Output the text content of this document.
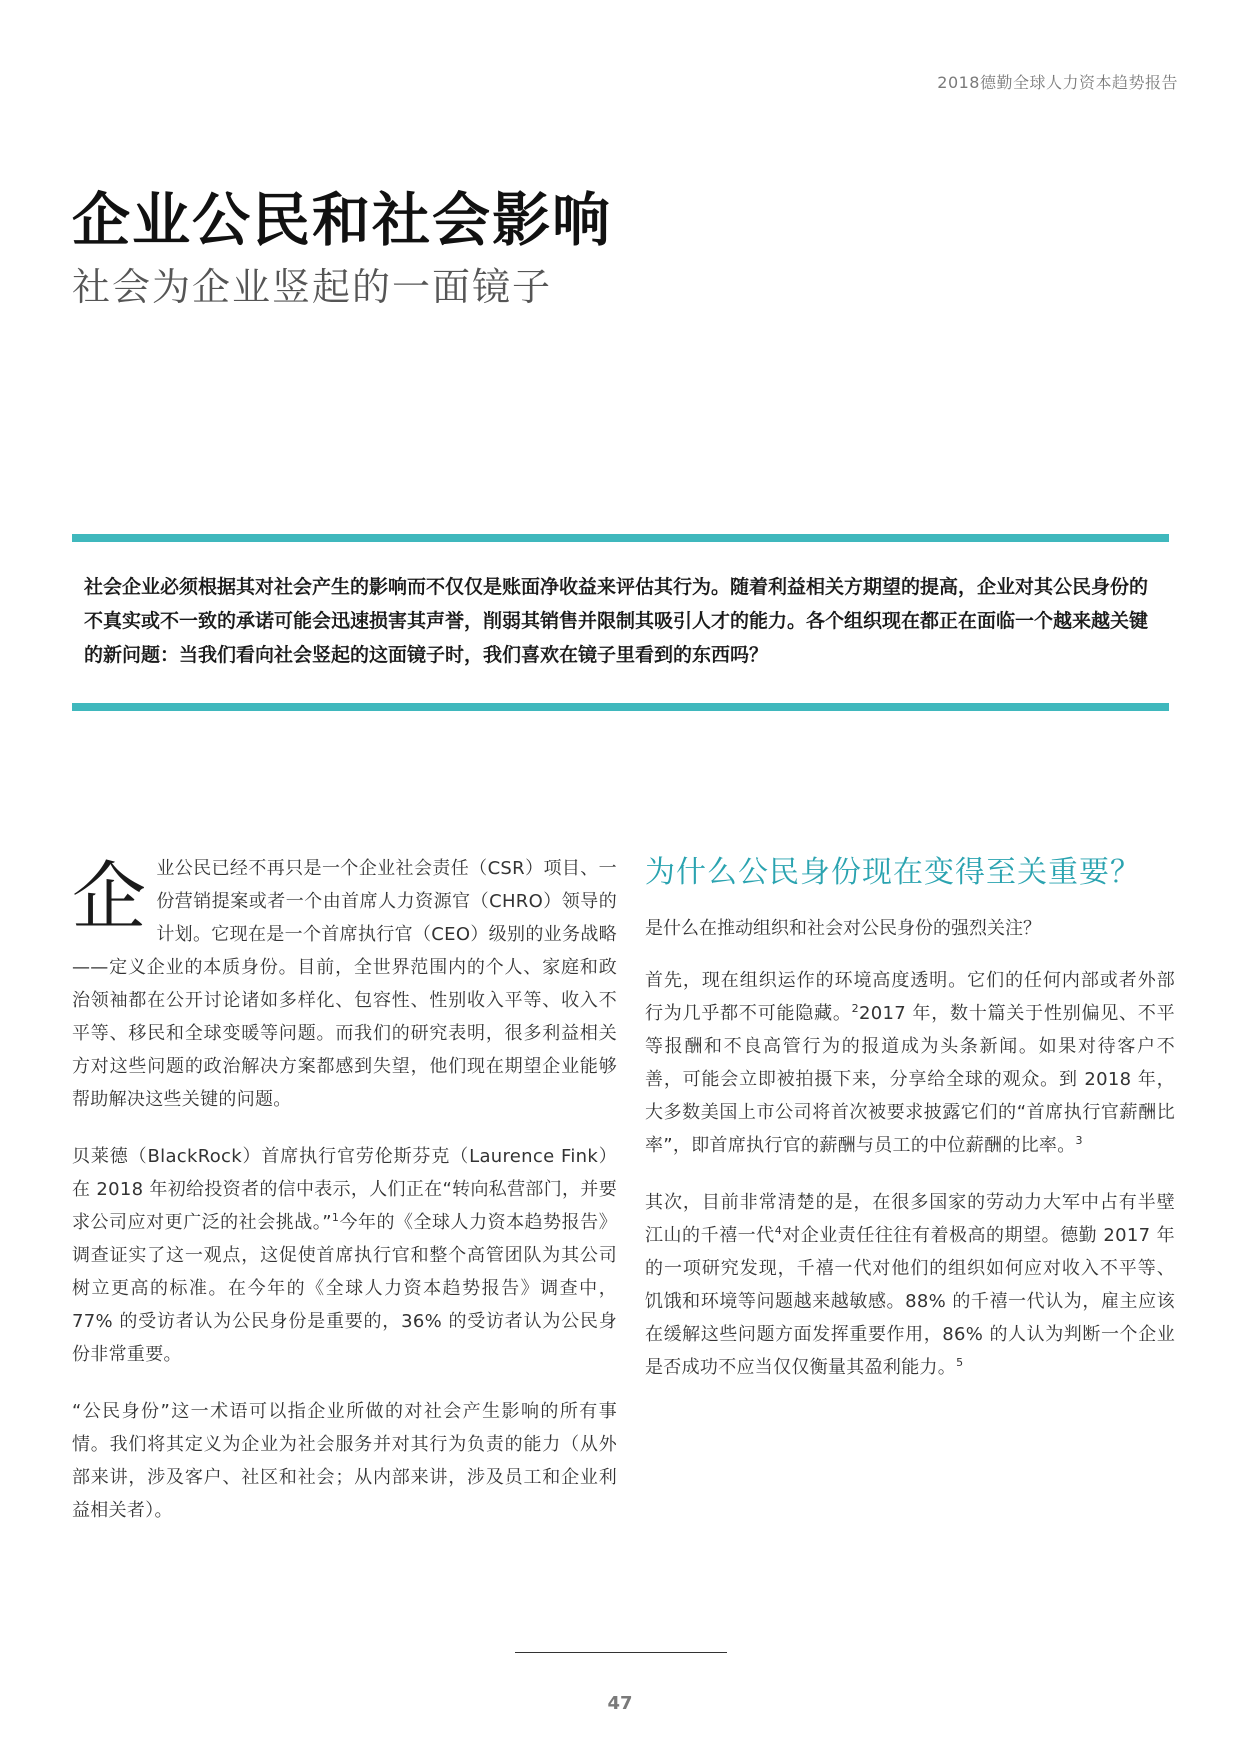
2018德勤全球人力资本趋势报告
企业公民和社会影响
社会为企业竖起的一面镜子

社会企业必须根据其对社会产生的影响而不仅仅是账面净收益来评估其行为。随着利益相关方期望的提高，企业对其公民身份的不真实或不一致的承诺可能会迅速损害其声誉，削弱其销售并限制其吸引人才的能力。各个组织现在都正在面临一个越来越关键的新问题：当我们看向社会竖起的这面镜子时，我们喜欢在镜子里看到的东西吗？

企业公民已经不再只是一个企业社会责任（CSR）项目、一份营销提案或者一个由首席人力资源官（CHRO）领导的计划。它现在是一个首席执行官（CEO）级别的业务战略——定义企业的本质身份。目前，全世界范围内的个人、家庭和政治领袖都在公开讨论诸如多样化、包容性、性别收入平等、收入不平等、移民和全球变暖等问题。而我们的研究表明，很多利益相关方对这些问题的政治解决方案都感到失望，他们现在期望企业能够帮助解决这些关键的问题。

贝莱德（BlackRock）首席执行官劳伦斯芬克（Laurence Fink）在 2018 年初给投资者的信中表示，人们正在“转向私营部门，并要求公司应对更广泛的社会挑战。”$^1$今年的《全球人力资本趋势报告》调查证实了这一观点，这促使首席执行官和整个高管团队为其公司树立更高的标准。在今年的《全球人力资本趋势报告》调查中，77% 的受访者认为公民身份是重要的，36% 的受访者认为公民身份非常重要。

“公民身份”这一术语可以指企业所做的对社会产生影响的所有事情。我们将其定义为企业为社会服务并对其行为负责的能力（从外部来讲，涉及客户、社区和社会；从内部来讲，涉及员工和企业利益相关者）。

为什么公民身份现在变得至关重要？

是什么在推动组织和社会对公民身份的强烈关注？

首先，现在组织运作的环境高度透明。它们的任何内部或者外部行为几乎都不可能隐藏。$^2$2017 年，数十篇关于性别偏见、不平等报酬和不良高管行为的报道成为头条新闻。如果对待客户不善，可能会立即被拍摄下来，分享给全球的观众。到 2018 年，大多数美国上市公司将首次被要求披露它们的“首席执行官薪酬比率”，即首席执行官的薪酬与员工的中位薪酬的比率。$^3$

其次，目前非常清楚的是，在很多国家的劳动力大军中占有半壁江山的千禧一代$^4$对企业责任往往有着极高的期望。德勤 2017 年的一项研究发现，千禧一代对他们的组织如何应对收入不平等、饥饿和环境等问题越来越敏感。88% 的千禧一代认为，雇主应该在缓解这些问题方面发挥重要作用，86% 的人认为判断一个企业是否成功不应当仅仅衡量其盈利能力。$^5$

47
